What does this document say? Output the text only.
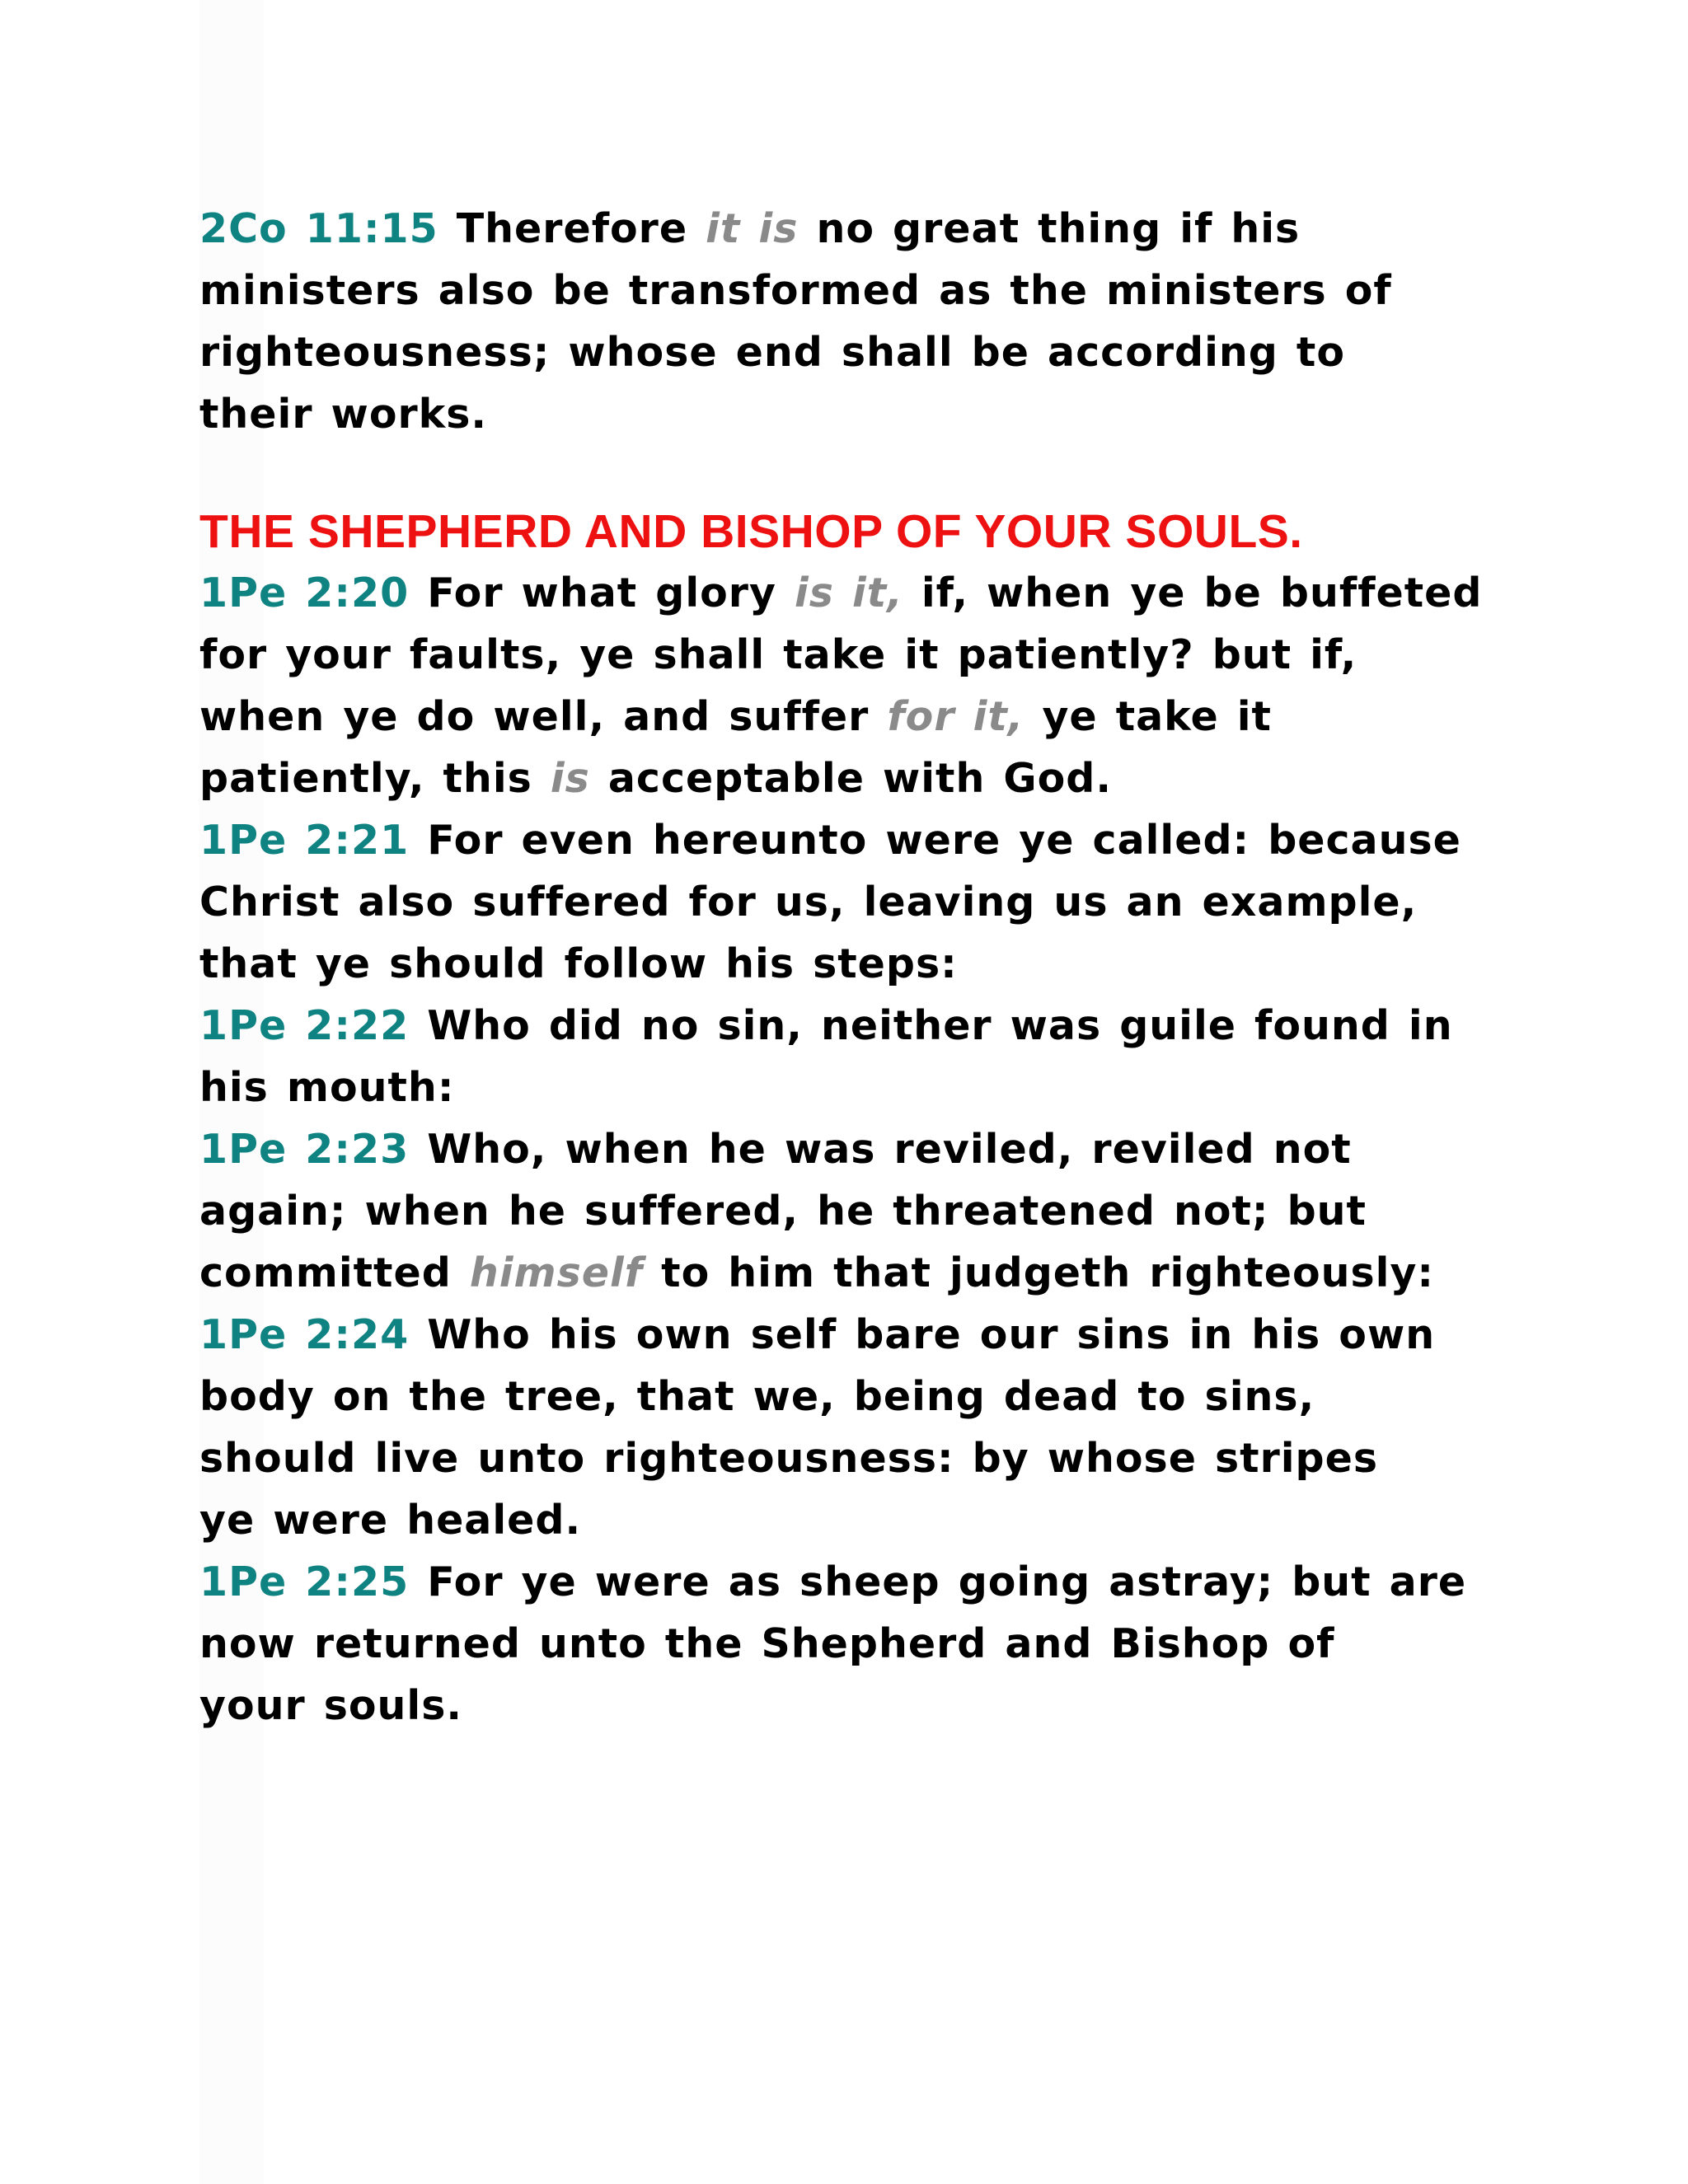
2Co 11:15 Therefore it is no great thing if his
ministers also be transformed as the ministers of
righteousness; whose end shall be according to
their works.
THE SHEPHERD AND BISHOP OF YOUR SOULS.
1Pe 2:20 For what glory is it, if, when ye be buffeted
for your faults, ye shall take it patiently? but if,
when ye do well, and suffer for it, ye take it
patiently, this is acceptable with God.
1Pe 2:21 For even hereunto were ye called: because
Christ also suffered for us, leaving us an example,
that ye should follow his steps:
1Pe 2:22 Who did no sin, neither was guile found in
his mouth:
1Pe 2:23 Who, when he was reviled, reviled not
again; when he suffered, he threatened not; but
committed himself to him that judgeth righteously:
1Pe 2:24 Who his own self bare our sins in his own
body on the tree, that we, being dead to sins,
should live unto righteousness: by whose stripes
ye were healed.
1Pe 2:25 For ye were as sheep going astray; but are
now returned unto the Shepherd and Bishop of
your souls.
